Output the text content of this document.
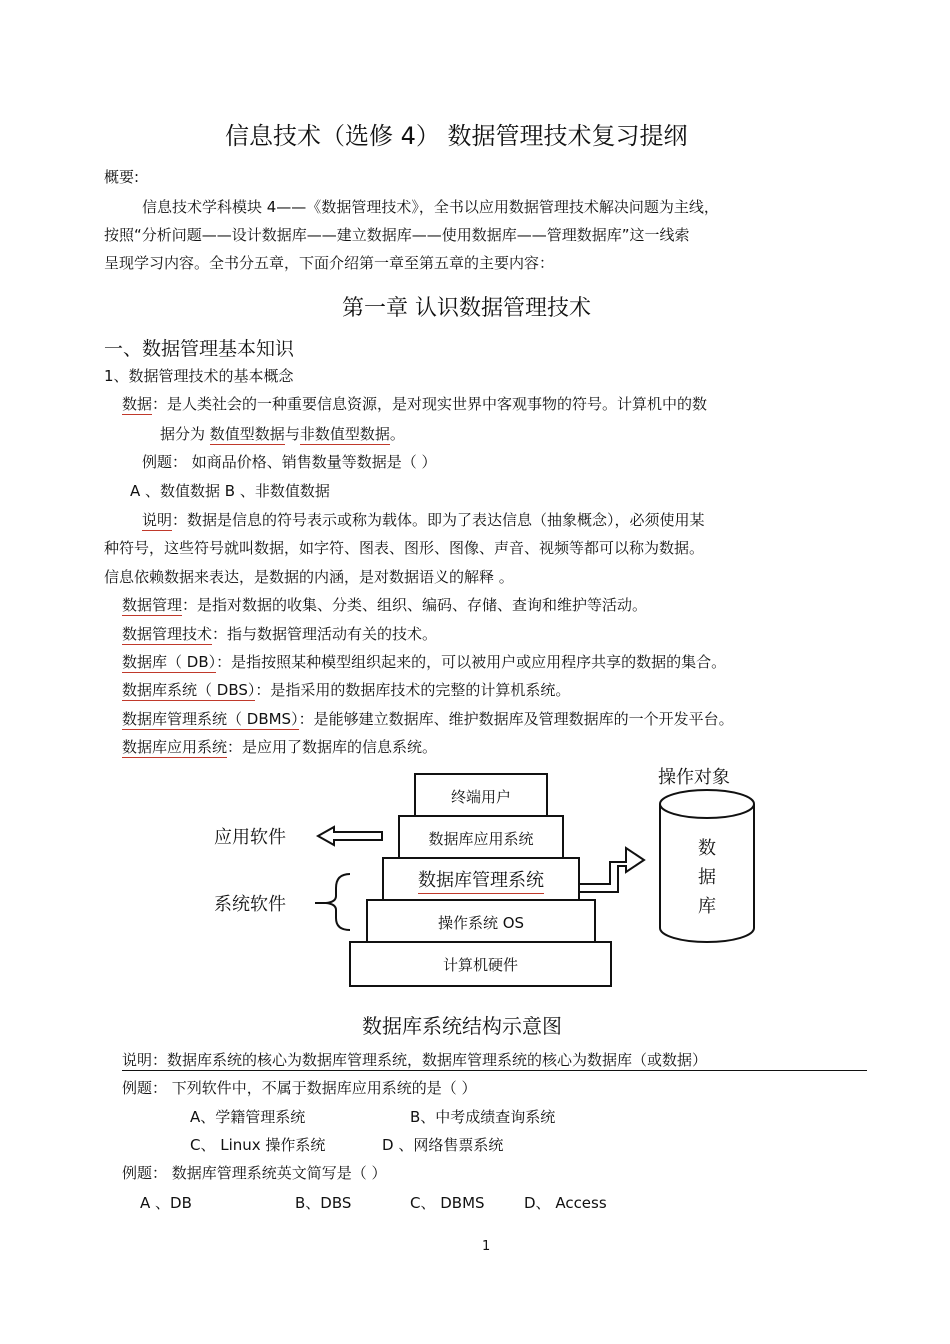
信息技术（选修 4） 数据管理技术复习提纲
概要:
信息技术学科模块 4——《数据管理技术》，全书以应用数据管理技术解决问题为主线，
按照“分析问题——设计数据库——建立数据库——使用数据库——管理数据库”这一线索
呈现学习内容。全书分五章，下面介绍第一章至第五章的主要内容：
第一章 认识数据管理技术
一、数据管理基本知识
1、数据管理技术的基本概念
数据：是人类社会的一种重要信息资源，是对现实世界中客观事物的符号。计算机中的数
据分为 数值型数据与非数值型数据。
例题： 如商品价格、销售数量等数据是（ ）
A 、数值数据 B 、非数值数据
说明：数据是信息的符号表示或称为载体。即为了表达信息（抽象概念），必须使用某
种符号，这些符号就叫数据，如字符、图表、图形、图像、声音、视频等都可以称为数据。
信息依赖数据来表达，是数据的内涵，是对数据语义的解释 。
数据管理：是指对数据的收集、分类、组织、编码、存储、查询和维护等活动。
数据管理技术：指与数据管理活动有关的技术。
数据库（ DB）：是指按照某种模型组织起来的，可以被用户或应用程序共享的数据的集合。
数据库系统（ DBS）：是指采用的数据库技术的完整的计算机系统。
数据库管理系统（ DBMS）：是能够建立数据库、维护数据库及管理数据库的一个开发平台。
数据库应用系统：是应用了数据库的信息系统。
终端用户
数据库应用系统
数据库管理系统
操作系统 OS
计算机硬件
应用软件
系统软件
操作对象
数
据
库
数据库系统结构示意图
说明：数据库系统的核心为数据库管理系统，数据库管理系统的核心为数据库（或数据）
例题： 下列软件中，不属于数据库应用系统的是（ ）
A、学籍管理系统	B、中考成绩查询系统
C、 Linux 操作系统	D 、网络售票系统
例题： 数据库管理系统英文简写是（ ）
A 、DB	B、DBS	C、 DBMS	D、 Access
1
